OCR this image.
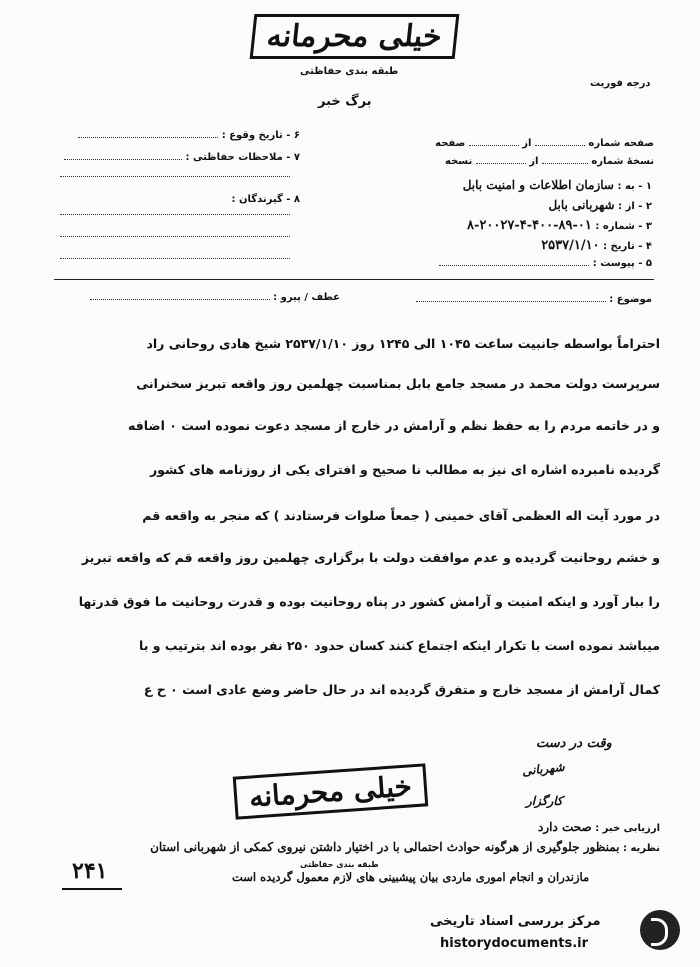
خیلی محرمانه
طبقه بندی حفاظتی
درجه فوریت
برگ خبر
۶ - تاریخ وقوع :
۷ - ملاحظات حفاظتی :
۸ - گیرندگان :
صفحه شماره  از  صفحه
نسخهٔ شماره  از  نسخه
۱ - به : سازمان اطلاعات و امنیت بابل
۲ - از : شهربانی بابل
۳ - شماره : ۰۱-۸۹-۴۰۰-۴-۲۰۰۲۷-۸
۴ - تاریخ : ۲۵۳۷/۱/۱۰
۵ - پیوست :
عطف / پیرو :	موضوع :
احتراماً بواسطه جانبیت ساعت ۱۰۴۵ الی ۱۲۴۵ روز ۲۵۳۷/۱/۱۰ شیخ هادی روحانی راد
سرپرست دولت محمد در مسجد جامع بابل بمناسبت چهلمین روز واقعه تبریز سخنرانی
و در خاتمه مردم را به حفظ نظم و آرامش در خارج از مسجد دعوت نموده است ۰ اضافه
گردیده نامبرده اشاره ای نیز به مطالب نا صحیح و افترای یکی از روزنامه های کشور
در مورد آیت اله العظمی آقای خمینی ( جمعاً صلوات فرستادند ) که منجر به واقعه قم
و خشم روحانیت گردیده و عدم موافقت دولت با برگزاری چهلمین روز واقعه قم که واقعه تبریز
را ببار آورد و اینکه امنیت و آرامش کشور در پناه روحانیت بوده و قدرت روحانیت ما فوق قدرتها
میباشد نموده است با تکرار اینکه اجتماع کنند کسان حدود ۲۵۰ نفر بوده اند بترتیب و با
کمال آرامش از مسجد خارج و متفرق گردیده اند در حال حاضر وضع عادی است ۰ ح ع
وقت در دست
شهربانی
کارگزار
خیلی محرمانه
ارزیابی خبر : صحت دارد
نظریه : بمنظور جلوگیری از هرگونه حوادث احتمالی با در اختیار داشتن نیروی کمکی از شهربانی استان
طبقه بندی حفاظتی
مازندران و انجام اموری ماردی بیان پیشبینی های لازم معمول گردیده است
۲۴۱
مرکز بررسی اسناد تاریخی
historydocuments.ir
